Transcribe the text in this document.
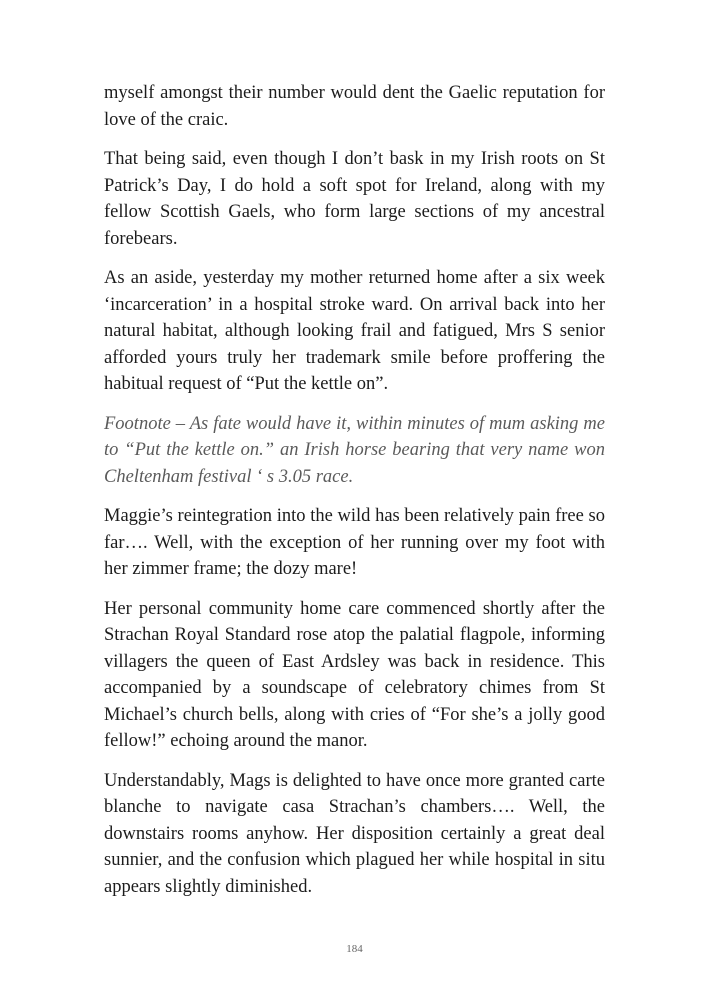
myself amongst their number would dent the Gaelic reputation for love of the craic.

That being said, even though I don’t bask in my Irish roots on St Patrick’s Day, I do hold a soft spot for Ireland, along with my fellow Scottish Gaels, who form large sections of my ancestral forebears.

As an aside, yesterday my mother returned home after a six week ‘incarceration’ in a hospital stroke ward. On arrival back into her natural habitat, although looking frail and fatigued, Mrs S senior afforded yours truly her trademark smile before proffering the habitual request of “Put the kettle on”.

Footnote – As fate would have it, within minutes of mum asking me to “Put the kettle on.” an Irish horse bearing that very name won Cheltenham festival ‘ s 3.05 race.

Maggie’s reintegration into the wild has been relatively pain free so far…. Well, with the exception of her running over my foot with her zimmer frame; the dozy mare!

Her personal community home care commenced shortly after the Strachan Royal Standard rose atop the palatial flagpole, informing villagers the queen of East Ardsley was back in residence. This accompanied by a soundscape of celebratory chimes from St Michael’s church bells, along with cries of “For she’s a jolly good fellow!” echoing around the manor.

Understandably, Mags is delighted to have once more granted carte blanche to navigate casa Strachan’s chambers…. Well, the downstairs rooms anyhow. Her disposition certainly a great deal sunnier, and the confusion which plagued her while hospital in situ appears slightly diminished.

184
